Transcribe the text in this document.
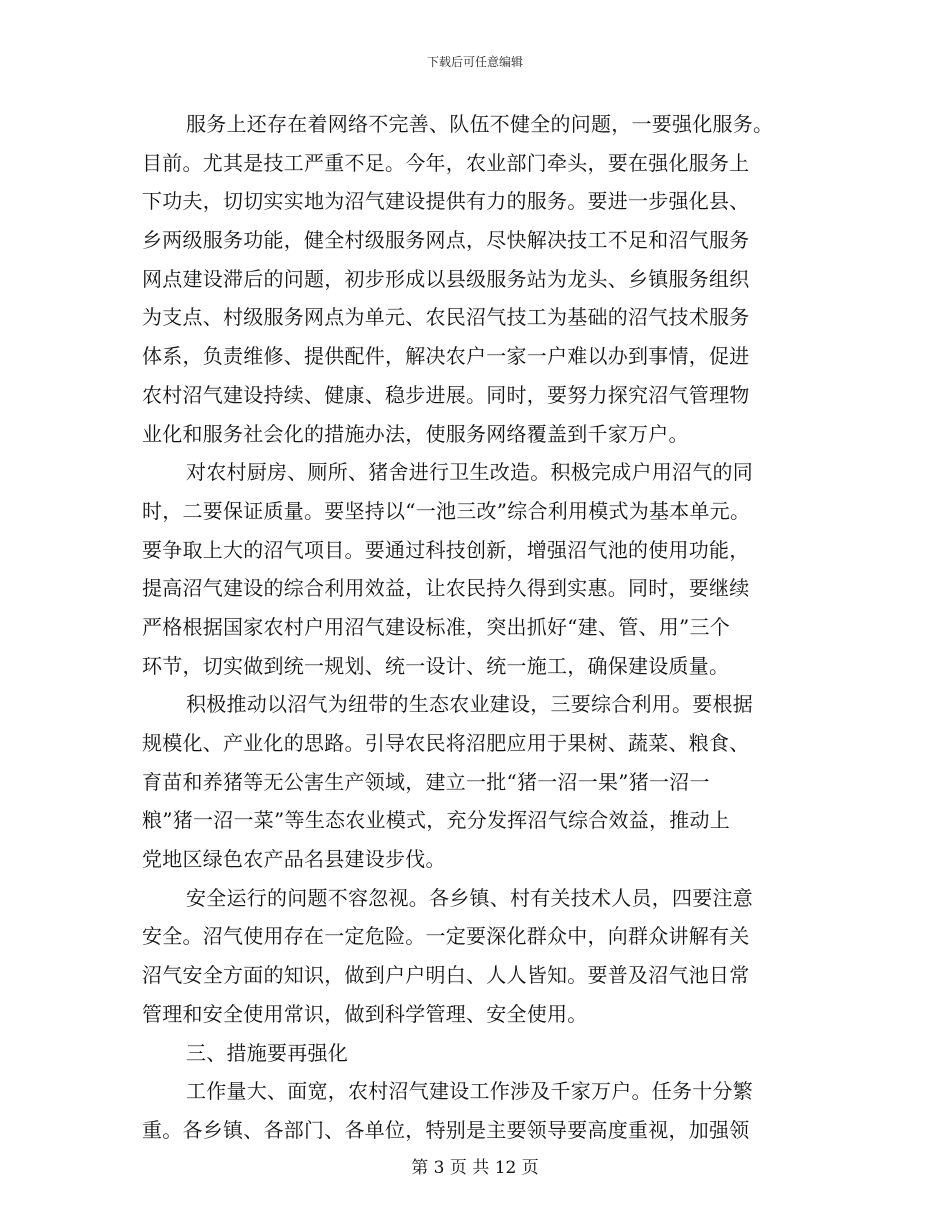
下载后可任意编辑
服务上还存在着网络不完善、队伍不健全的问题，一要强化服务。
目前。尤其是技工严重不足。今年，农业部门牵头，要在强化服务上
下功夫，切切实实地为沼气建设提供有力的服务。要进一步强化县、
乡两级服务功能，健全村级服务网点，尽快解决技工不足和沼气服务
网点建设滞后的问题，初步形成以县级服务站为龙头、乡镇服务组织
为支点、村级服务网点为单元、农民沼气技工为基础的沼气技术服务
体系，负责维修、提供配件，解决农户一家一户难以办到事情，促进
农村沼气建设持续、健康、稳步进展。同时，要努力探究沼气管理物
业化和服务社会化的措施办法，使服务网络覆盖到千家万户。
对农村厨房、厕所、猪舍进行卫生改造。积极完成户用沼气的同
时，二要保证质量。要坚持以“一池三改”综合利用模式为基本单元。
要争取上大的沼气项目。要通过科技创新，增强沼气池的使用功能，
提高沼气建设的综合利用效益，让农民持久得到实惠。同时，要继续
严格根据国家农村户用沼气建设标准，突出抓好“建、管、用”三个
环节，切实做到统一规划、统一设计、统一施工，确保建设质量。
积极推动以沼气为纽带的生态农业建设，三要综合利用。要根据
规模化、产业化的思路。引导农民将沼肥应用于果树、蔬菜、粮食、
育苗和养猪等无公害生产领域，建立一批“猪一沼一果”猪一沼一
粮”猪一沼一菜”等生态农业模式，充分发挥沼气综合效益，推动上
党地区绿色农产品名县建设步伐。
安全运行的问题不容忽视。各乡镇、村有关技术人员，四要注意
安全。沼气使用存在一定危险。一定要深化群众中，向群众讲解有关
沼气安全方面的知识，做到户户明白、人人皆知。要普及沼气池日常
管理和安全使用常识，做到科学管理、安全使用。
三、措施要再强化
工作量大、面宽，农村沼气建设工作涉及千家万户。任务十分繁
重。各乡镇、各部门、各单位，特别是主要领导要高度重视，加强领
第 3 页 共 12 页
